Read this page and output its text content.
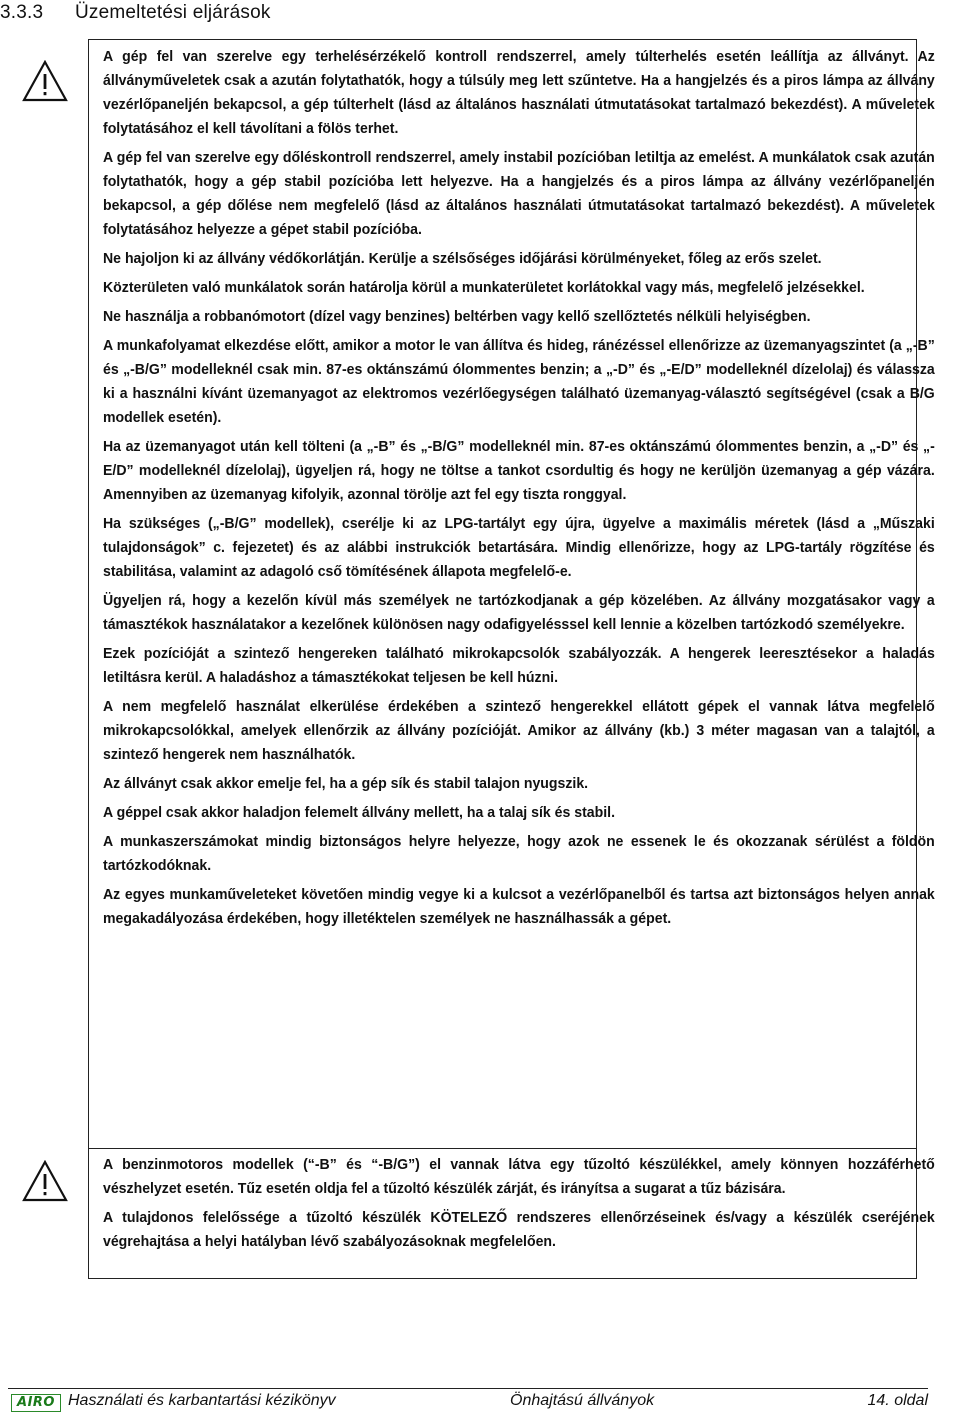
3.3.3 Üzemeltetési eljárások

A gép fel van szerelve egy terhelésérzékelő kontroll rendszerrel, amely túlterhelés esetén leállítja az állványt. Az állványműveletek csak a azután folytathatók, hogy a túlsúly meg lett szűntetve. Ha a hangjelzés és a piros lámpa az állvány vezérlőpaneljén bekapcsol, a gép túlterhelt (lásd az általános használati útmutatásokat tartalmazó bekezdést). A műveletek folytatásához el kell távolítani a fölös terhet.

A gép fel van szerelve egy dőléskontroll rendszerrel, amely instabil pozícióban letiltja az emelést. A munkálatok csak azután folytathatók, hogy a gép stabil pozícióba lett helyezve. Ha a hangjelzés és a piros lámpa az állvány vezérlőpaneljén bekapcsol, a gép dőlése nem megfelelő (lásd az általános használati útmutatásokat tartalmazó bekezdést). A műveletek folytatásához helyezze a gépet stabil pozícióba.

Ne hajoljon ki az állvány védőkorlátján. Kerülje a szélsőséges időjárási körülményeket, főleg az erős szelet.

Közterületen való munkálatok során határolja körül a munkaterületet korlátokkal vagy más, megfelelő jelzésekkel.

Ne használja a robbanómotort (dízel vagy benzines) beltérben vagy kellő szellőztetés nélküli helyiségben.

A munkafolyamat elkezdése előtt, amikor a motor le van állítva és hideg, ránézéssel ellenőrizze az üzemanyagszintet (a „-B” és „-B/G” modelleknél csak min. 87-es oktánszámú ólommentes benzin; a „-D” és „-E/D” modelleknél dízelolaj) és válassza ki a használni kívánt üzemanyagot az elektromos vezérlőegységen található üzemanyag-választó segítségével (csak a B/G modellek esetén).

Ha az üzemanyagot után kell tölteni (a „-B” és „-B/G” modelleknél min. 87-es oktánszámú ólommentes benzin, a „-D” és „-E/D” modelleknél dízelolaj), ügyeljen rá, hogy ne töltse a tankot csordultig és hogy ne kerüljön üzemanyag a gép vázára. Amennyiben az üzemanyag kifolyik, azonnal törölje azt fel egy tiszta ronggyal.

Ha szükséges („-B/G” modellek), cserélje ki az LPG-tartályt egy újra, ügyelve a maximális méretek (lásd a „Műszaki tulajdonságok” c. fejezetet) és az alábbi instrukciók betartására. Mindig ellenőrizze, hogy az LPG-tartály rögzítése és stabilitása, valamint az adagoló cső tömítésének állapota megfelelő-e.

Ügyeljen rá, hogy a kezelőn kívül más személyek ne tartózkodjanak a gép közelében. Az állvány mozgatásakor vagy a támasztékok használatakor a kezelőnek különösen nagy odafigyelésssel kell lennie a közelben tartózkodó személyekre.

Ezek pozícióját a szintező hengereken található mikrokapcsolók szabályozzák. A hengerek leeresztésekor a haladás letiltásra kerül. A haladáshoz a támasztékokat teljesen be kell húzni.

A nem megfelelő használat elkerülése érdekében a szintező hengerekkel ellátott gépek el vannak látva megfelelő mikrokapcsolókkal, amelyek ellenőrzik az állvány pozícióját. Amikor az állvány (kb.) 3 méter magasan van a talajtól, a szintező hengerek nem használhatók.

Az állványt csak akkor emelje fel, ha a gép sík és stabil talajon nyugszik.

A géppel csak akkor haladjon felemelt állvány mellett, ha a talaj sík és stabil.

A munkaszerszámokat mindig biztonságos helyre helyezze, hogy azok ne essenek le és okozzanak sérülést a földön tartózkodóknak.

Az egyes munkaműveleteket követően mindig vegye ki a kulcsot a vezérlőpanelből és tartsa azt biztonságos helyen annak megakadályozása érdekében, hogy illetéktelen személyek ne használhassák a gépet.

A benzinmotoros modellek (“-B” és “-B/G”) el vannak látva egy tűzoltó készülékkel, amely könnyen hozzáférhető vészhelyzet esetén. Tűz esetén oldja fel a tűzoltó készülék zárját, és irányítsa a sugarat a tűz bázisára.

A tulajdonos felelőssége a tűzoltó készülék KÖTELEZŐ rendszeres ellenőrzéseinek és/vagy a készülék cseréjének végrehajtása a helyi hatályban lévő szabályozásoknak megfelelően.

AIRO Használati és karbantartási kézikönyv	Önhajtású állványok	14. oldal
